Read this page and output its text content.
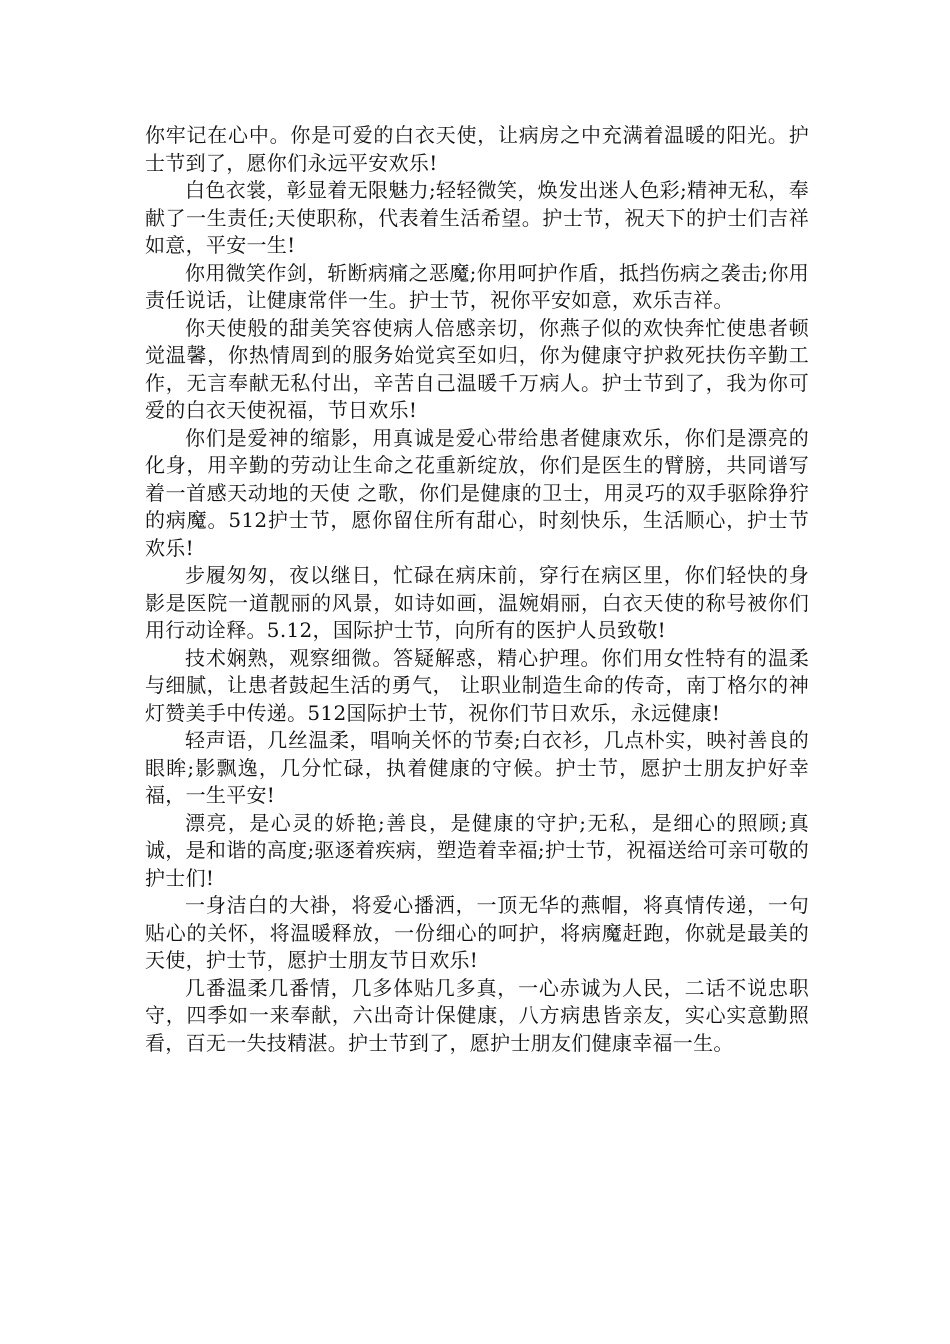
你牢记在心中。你是可爱的白衣天使，让病房之中充满着温暖的阳光。护士节到了，愿你们永远平安欢乐!

白色衣裳，彰显着无限魅力;轻轻微笑，焕发出迷人色彩;精神无私，奉献了一生责任;天使职称，代表着生活希望。护士节，祝天下的护士们吉祥如意，平安一生!

你用微笑作剑，斩断病痛之恶魔;你用呵护作盾，抵挡伤病之袭击;你用责任说话，让健康常伴一生。护士节，祝你平安如意，欢乐吉祥。

你天使般的甜美笑容使病人倍感亲切，你燕子似的欢快奔忙使患者顿觉温馨，你热情周到的服务始觉宾至如归，你为健康守护救死扶伤辛勤工作，无言奉献无私付出，辛苦自己温暖千万病人。护士节到了，我为你可爱的白衣天使祝福，节日欢乐!

你们是爱神的缩影，用真诚是爱心带给患者健康欢乐，你们是漂亮的化身，用辛勤的劳动让生命之花重新绽放，你们是医生的臂膀，共同谱写着一首感天动地的天使 之歌，你们是健康的卫士，用灵巧的双手驱除狰狞的病魔。512护士节，愿你留住所有甜心，时刻快乐，生活顺心，护士节欢乐!

步履匆匆，夜以继日，忙碌在病床前，穿行在病区里，你们轻快的身影是医院一道靓丽的风景，如诗如画，温婉娟丽，白衣天使的称号被你们用行动诠释。5.12，国际护士节，向所有的医护人员致敬!

技术娴熟，观察细微。答疑解惑，精心护理。你们用女性特有的温柔与细腻，让患者鼓起生活的勇气， 让职业制造生命的传奇，南丁格尔的神灯赞美手中传递。512国际护士节，祝你们节日欢乐，永远健康!

轻声语，几丝温柔，唱响关怀的节奏;白衣衫，几点朴实，映衬善良的眼眸;影飘逸，几分忙碌，执着健康的守候。护士节，愿护士朋友护好幸福，一生平安!

漂亮，是心灵的娇艳;善良，是健康的守护;无私，是细心的照顾;真诚，是和谐的高度;驱逐着疾病，塑造着幸福;护士节，祝福送给可亲可敬的护士们!

一身洁白的大褂，将爱心播洒，一顶无华的燕帽，将真情传递，一句贴心的关怀，将温暖释放，一份细心的呵护，将病魔赶跑，你就是最美的天使，护士节，愿护士朋友节日欢乐!

几番温柔几番情，几多体贴几多真，一心赤诚为人民，二话不说忠职守，四季如一来奉献，六出奇计保健康，八方病患皆亲友，实心实意勤照看，百无一失技精湛。护士节到了，愿护士朋友们健康幸福一生。
